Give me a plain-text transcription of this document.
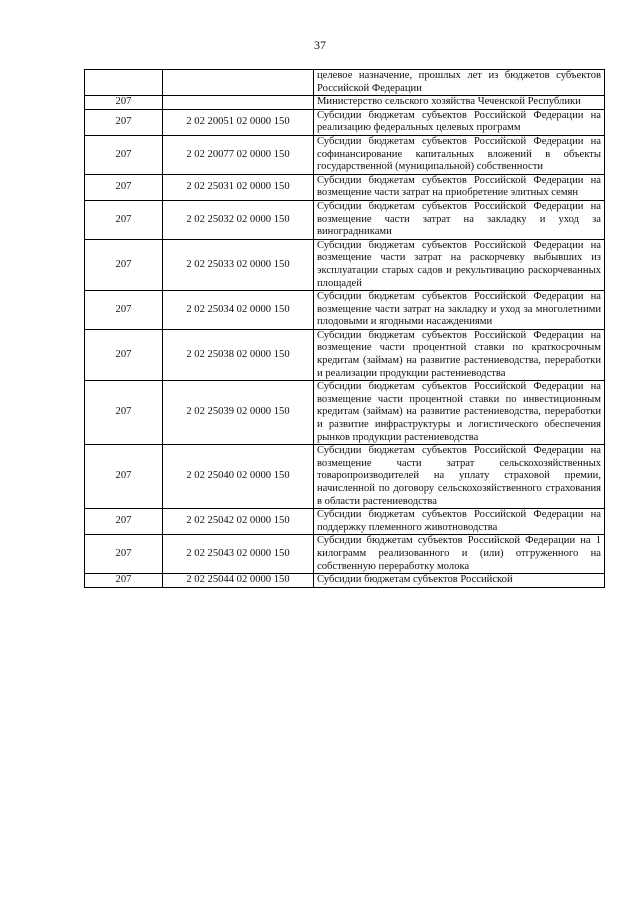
37
		целевое назначение, прошлых лет из бюджетов субъектов Российской Федерации
207		Министерство сельского хозяйства Чеченской Республики
207	2 02 20051 02 0000 150	Субсидии бюджетам субъектов Российской Федерации на реализацию федеральных целевых программ
207	2 02 20077 02 0000 150	Субсидии бюджетам субъектов Российской Федерации на софинансирование капитальных вложений в объекты государственной (муниципальной) собственности
207	2 02 25031 02 0000 150	Субсидии бюджетам субъектов Российской Федерации на возмещение части затрат на приобретение элитных семян
207	2 02 25032 02 0000 150	Субсидии бюджетам субъектов Российской Федерации на возмещение части затрат на закладку и уход за виноградниками
207	2 02 25033 02 0000 150	Субсидии бюджетам субъектов Российской Федерации на возмещение части затрат на раскорчевку выбывших из эксплуатации старых садов и рекультивацию раскорчеванных площадей
207	2 02 25034 02 0000 150	Субсидии бюджетам субъектов Российской Федерации на возмещение части затрат на закладку и уход за многолетними плодовыми и ягодными насаждениями
207	2 02 25038 02 0000 150	Субсидии бюджетам субъектов Российской Федерации на возмещение части процентной ставки по краткосрочным кредитам (займам) на развитие растениеводства, переработки и реализации продукции растениеводства
207	2 02 25039 02 0000 150	Субсидии бюджетам субъектов Российской Федерации на возмещение части процентной ставки по инвестиционным кредитам (займам) на развитие растениеводства, переработки и развитие инфраструктуры и логистического обеспечения рынков продукции растениеводства
207	2 02 25040 02 0000 150	Субсидии бюджетам субъектов Российской Федерации на возмещение части затрат сельскохозяйственных товаропроизводителей на уплату страховой премии, начисленной по договору сельскохозяйственного страхования в области растениеводства
207	2 02 25042 02 0000 150	Субсидии бюджетам субъектов Российской Федерации на поддержку племенного животноводства
207	2 02 25043 02 0000 150	Субсидии бюджетам субъектов Российской Федерации на 1 килограмм реализованного и (или) отгруженного на собственную переработку молока
207	2 02 25044 02 0000 150	Субсидии бюджетам субъектов Российской
